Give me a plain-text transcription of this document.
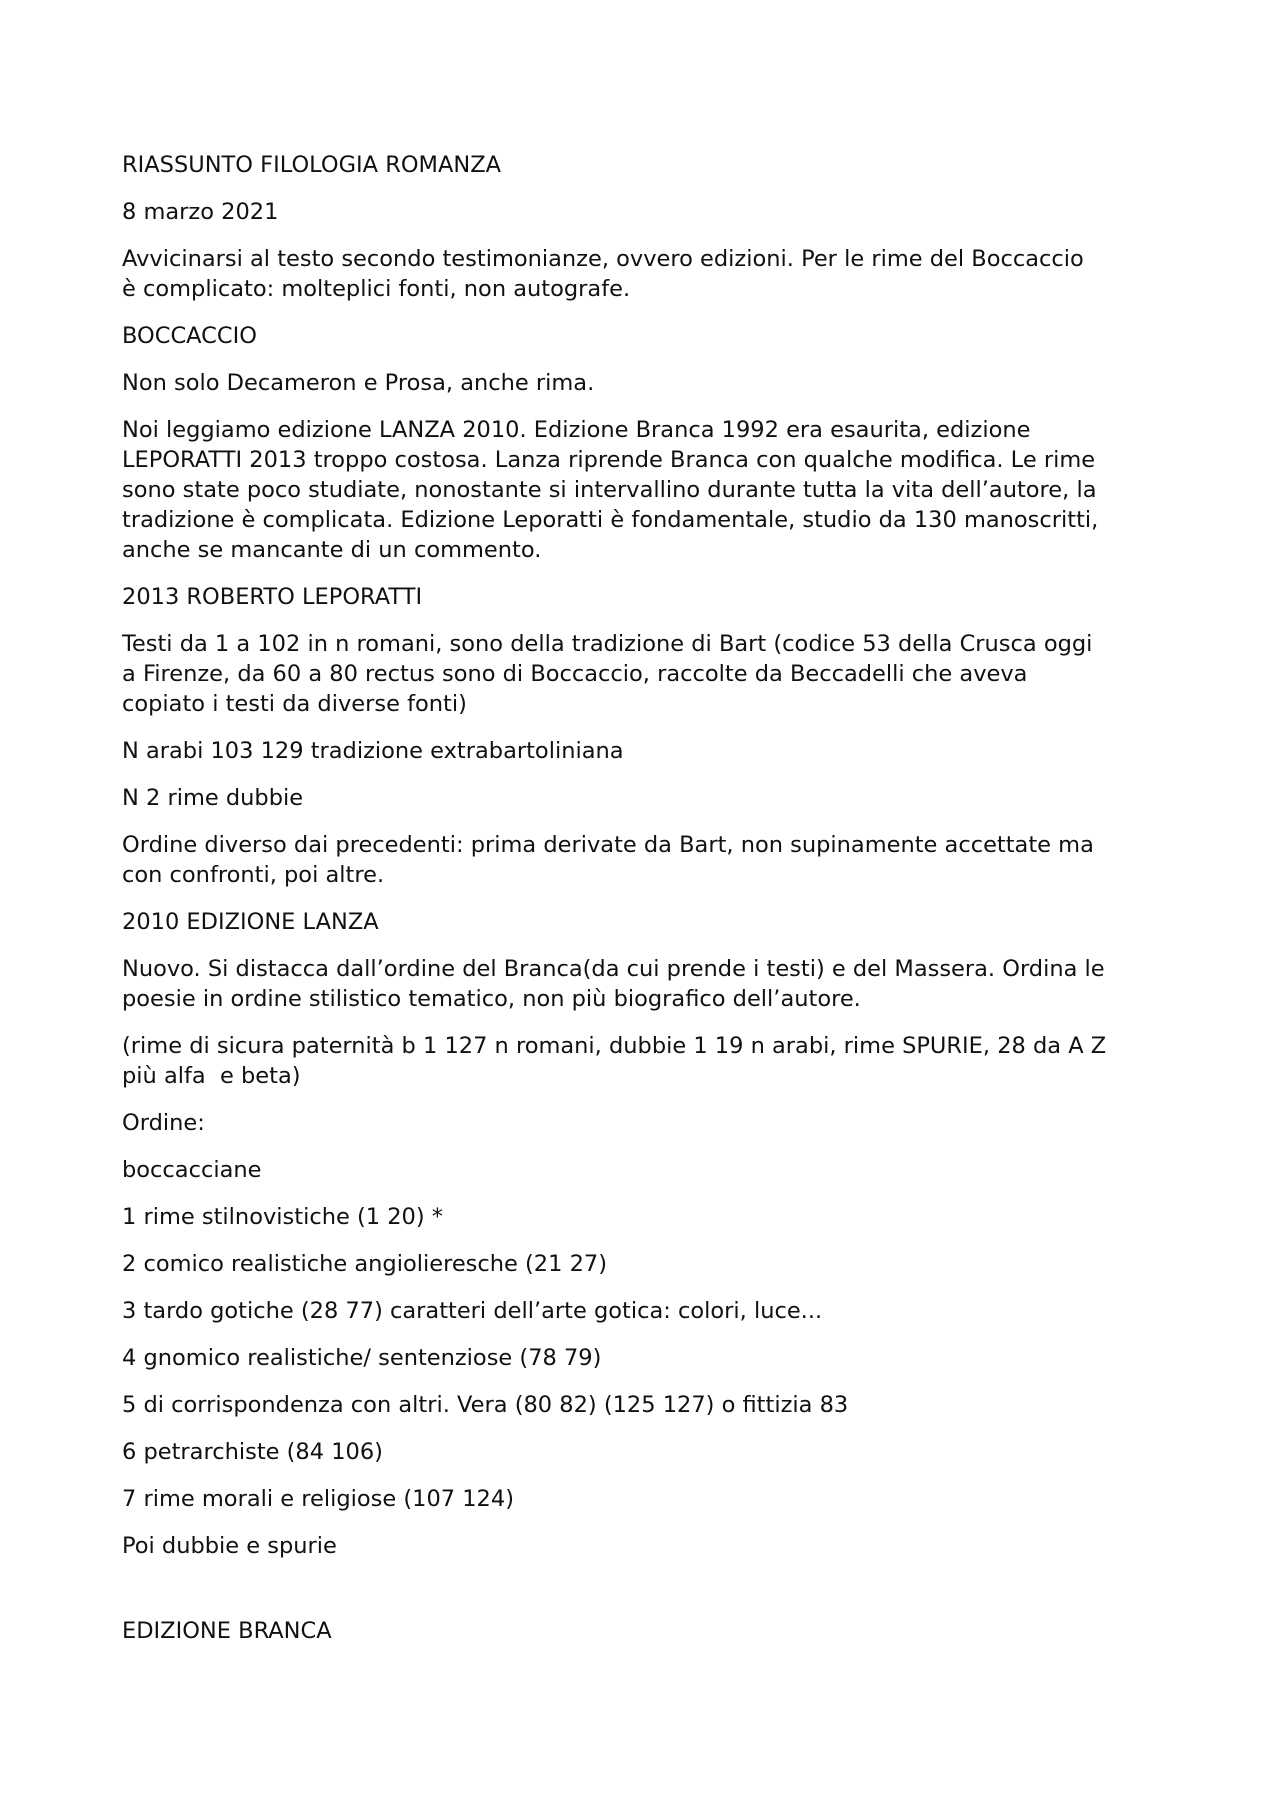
RIASSUNTO FILOLOGIA ROMANZA

8 marzo 2021

Avvicinarsi al testo secondo testimonianze, ovvero edizioni. Per le rime del Boccaccio
è complicato: molteplici fonti, non autografe.

BOCCACCIO

Non solo Decameron e Prosa, anche rima.

Noi leggiamo edizione LANZA 2010. Edizione Branca 1992 era esaurita, edizione
LEPORATTI 2013 troppo costosa. Lanza riprende Branca con qualche modifica. Le rime
sono state poco studiate, nonostante si intervallino durante tutta la vita dell’autore, la
tradizione è complicata. Edizione Leporatti è fondamentale, studio da 130 manoscritti,
anche se mancante di un commento.

2013 ROBERTO LEPORATTI

Testi da 1 a 102 in n romani, sono della tradizione di Bart (codice 53 della Crusca oggi
a Firenze, da 60 a 80 rectus sono di Boccaccio, raccolte da Beccadelli che aveva
copiato i testi da diverse fonti)

N arabi 103 129 tradizione extrabartoliniana

N 2 rime dubbie

Ordine diverso dai precedenti: prima derivate da Bart, non supinamente accettate ma
con confronti, poi altre.

2010 EDIZIONE LANZA

Nuovo. Si distacca dall’ordine del Branca(da cui prende i testi) e del Massera. Ordina le
poesie in ordine stilistico tematico, non più biografico dell’autore.

(rime di sicura paternità b 1 127 n romani, dubbie 1 19 n arabi, rime SPURIE, 28 da A Z
più alfa  e beta)

Ordine:

boccacciane

1 rime stilnovistiche (1 20) *

2 comico realistiche angiolieresche (21 27)

3 tardo gotiche (28 77) caratteri dell’arte gotica: colori, luce...

4 gnomico realistiche/ sentenziose (78 79)

5 di corrispondenza con altri. Vera (80 82) (125 127) o fittizia 83

6 petrarchiste (84 106)

7 rime morali e religiose (107 124)

Poi dubbie e spurie

EDIZIONE BRANCA
